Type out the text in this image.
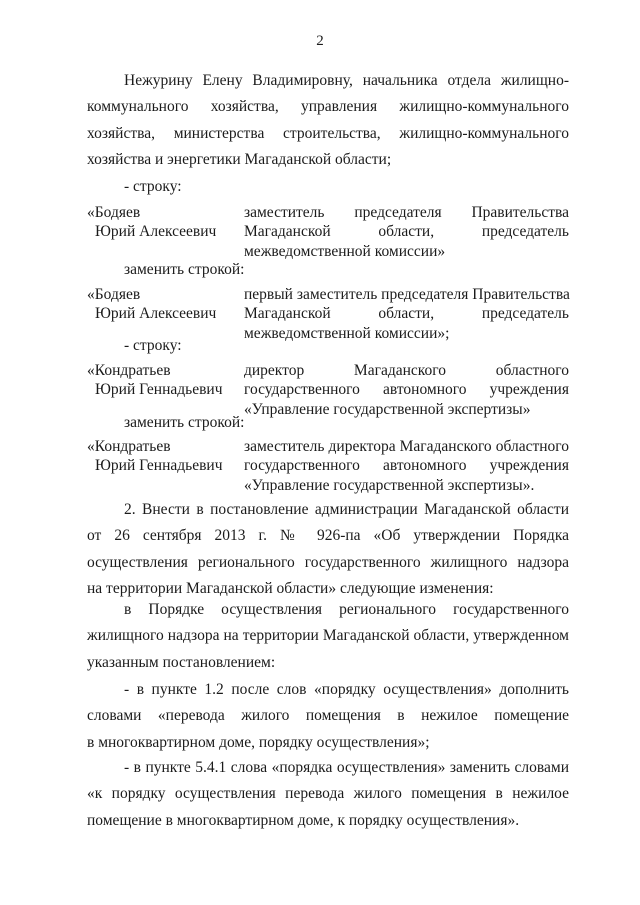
2
Нежурину Елену Владимировну, начальника отдела жилищно-
коммунального хозяйства, управления жилищно-коммунального
хозяйства, министерства строительства, жилищно-коммунального
хозяйства и энергетики Магаданской области;
- строку:
«Бодяев
Юрий Алексеевич
заместитель председателя Правительства
Магаданской области, председатель
межведомственной комиссии»
заменить строкой:
«Бодяев
Юрий Алексеевич
первый заместитель председателя Правительства
Магаданской области, председатель
межведомственной комиссии»;
- строку:
«Кондратьев
Юрий Геннадьевич
директор Магаданского областного
государственного автономного учреждения
«Управление государственной экспертизы»
заменить строкой:
«Кондратьев
Юрий Геннадьевич
заместитель директора Магаданского областного
государственного автономного учреждения
«Управление государственной экспертизы».
2. Внести в постановление администрации Магаданской области
от 26 сентября 2013 г. № 926-па «Об утверждении Порядка
осуществления регионального государственного жилищного надзора
на территории Магаданской области» следующие изменения:
в Порядке осуществления регионального государственного
жилищного надзора на территории Магаданской области, утвержденном
указанным постановлением:
- в пункте 1.2 после слов «порядку осуществления» дополнить
словами «перевода жилого помещения в нежилое помещение
в многоквартирном доме, порядку осуществления»;
- в пункте 5.4.1 слова «порядка осуществления» заменить словами
«к порядку осуществления перевода жилого помещения в нежилое
помещение в многоквартирном доме, к порядку осуществления».
